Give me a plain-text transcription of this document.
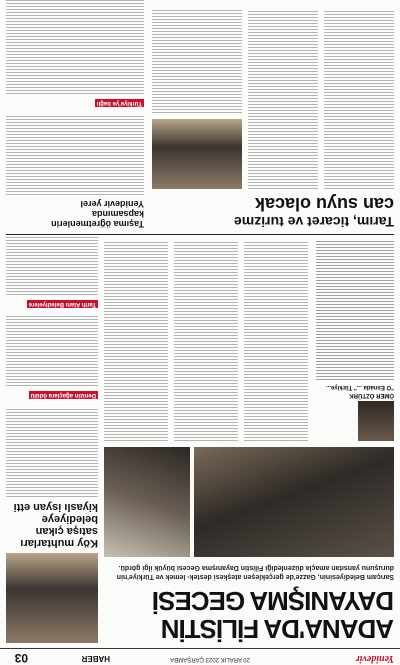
Yenidevir
20 ARALIK 2023 ÇARŞAMBA
HABER
03
ADANA'DA FİLİSTİN
DAYANIŞMA GECESİ
Sarıçam Belediyesinin, Gazze'de gerçekleşen ateşkesi destek- lemek ve Türkiye'nin duruşunu yansıtan amaçla düzenlediği Filistin Dayanışma Gecesi büyük ilgi gördü.
ÖMER ÖZTÜRK
"O Esnada ..." Türkiye...
Köy muhtarları satışa çıkan belediyeye kiyaslı isyan etti
Denizin ağaçlara ödülü
Tarih Alanı Belediyelere
Tarım, ticaret ve turizme
can suyu olacak
Taşıma öğretmenlerin kapsamında
Yenidevir yerel
Türkiye'ye bağlı
